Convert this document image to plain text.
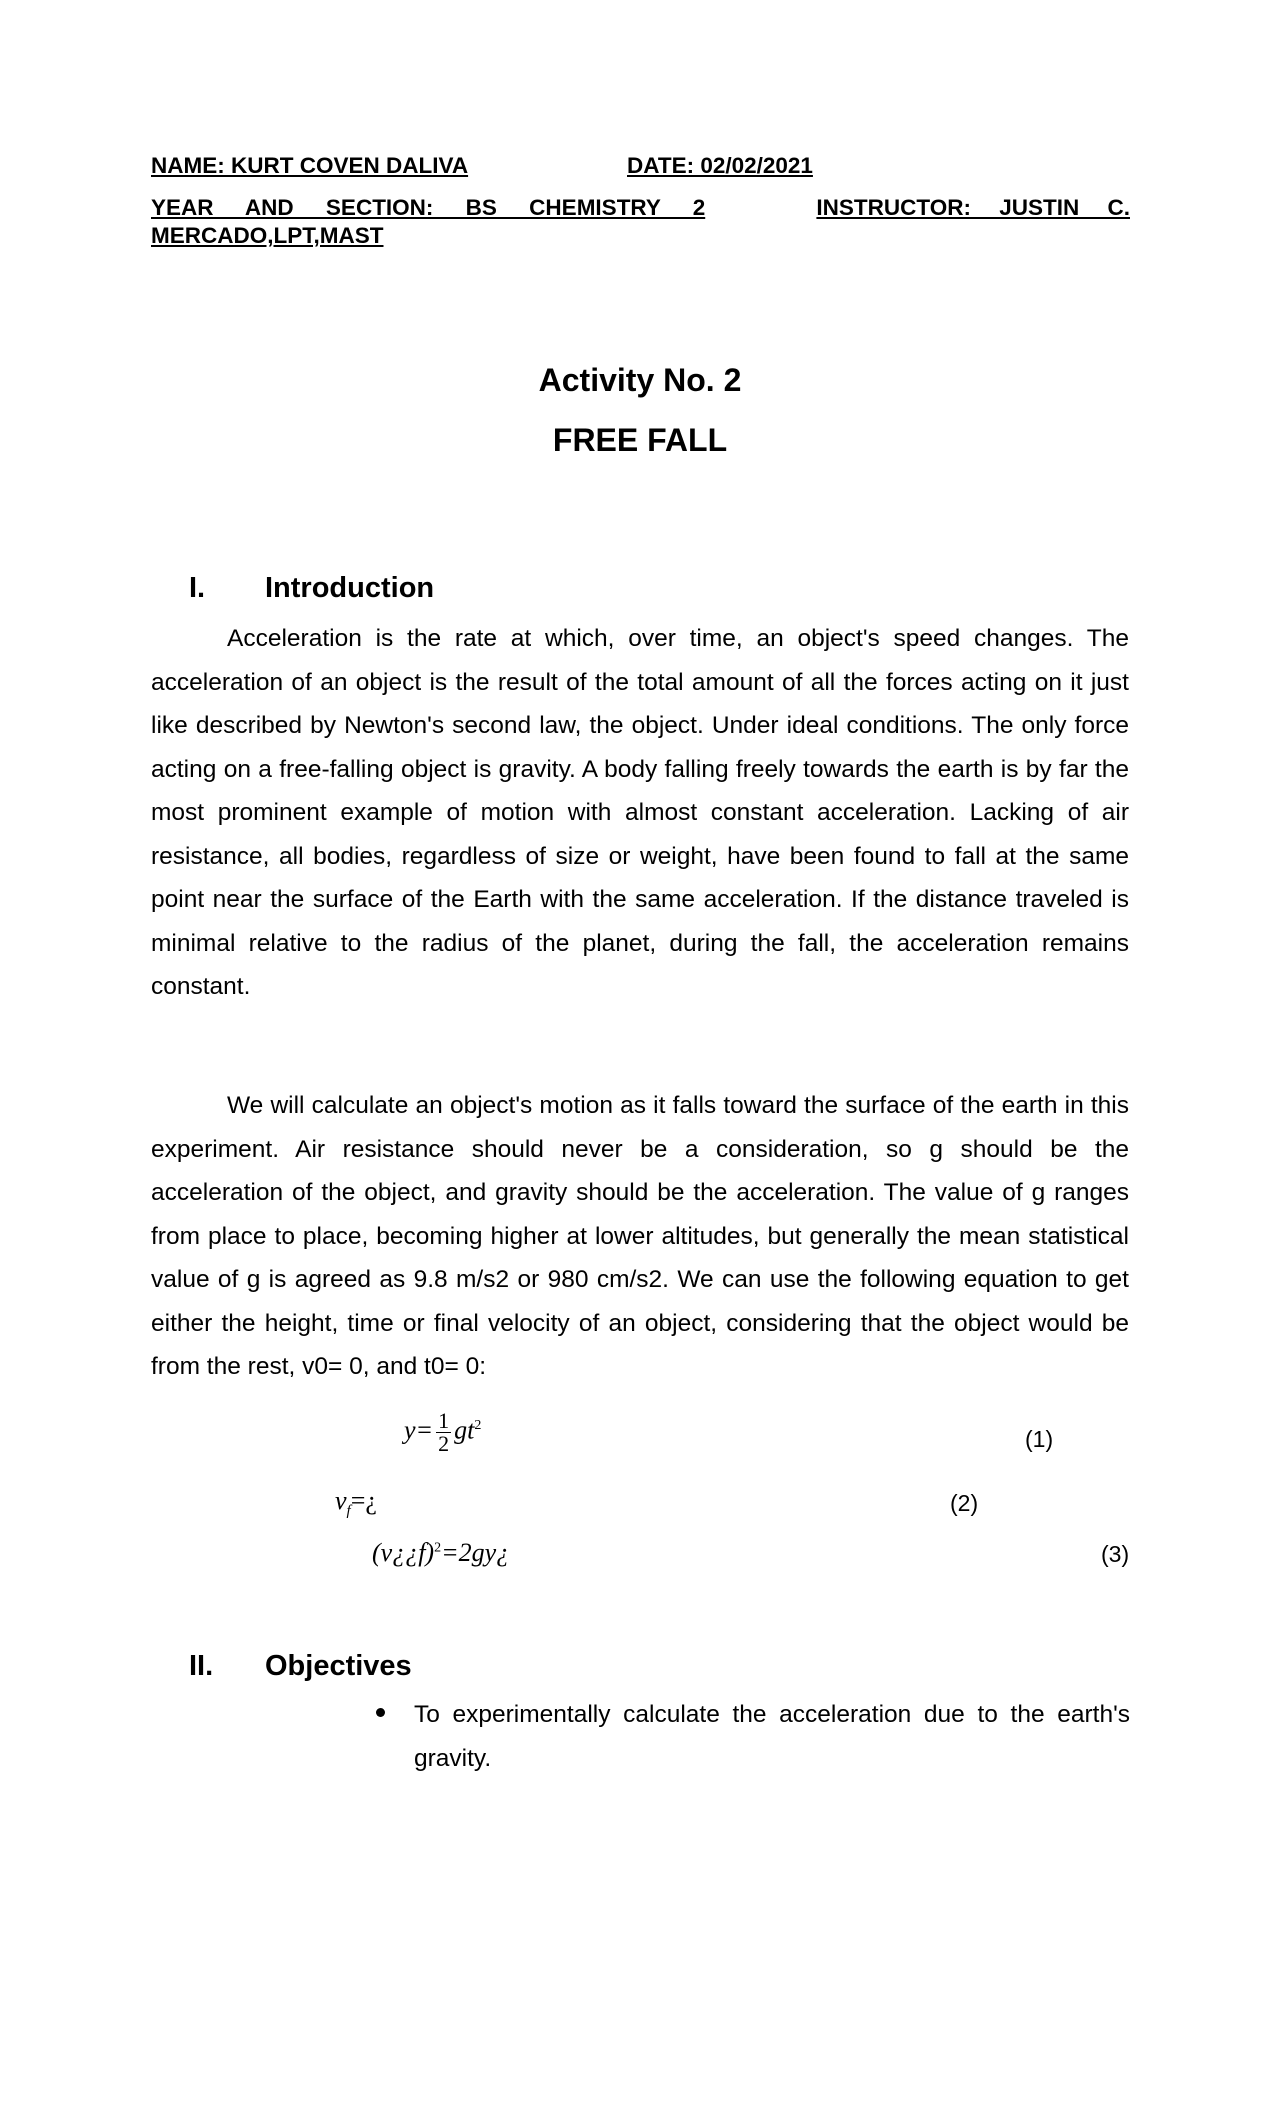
NAME: KURT COVEN DALIVA	DATE: 02/02/2021
YEAR AND SECTION: BS CHEMISTRY 2	INSTRUCTOR: JUSTIN C.
MERCADO,LPT,MAST
Activity No. 2
FREE FALL
I. Introduction

Acceleration is the rate at which, over time, an object's speed changes. The acceleration of an object is the result of the total amount of all the forces acting on it just like described by Newton's second law, the object. Under ideal conditions. The only force acting on a free-falling object is gravity. A body falling freely towards the earth is by far the most prominent example of motion with almost constant acceleration. Lacking of air resistance, all bodies, regardless of size or weight, have been found to fall at the same point near the surface of the Earth with the same acceleration. If the distance traveled is minimal relative to the radius of the planet, during the fall, the acceleration remains constant.

We will calculate an object's motion as it falls toward the surface of the earth in this experiment. Air resistance should never be a consideration, so g should be the acceleration of the object, and gravity should be the acceleration. The value of g ranges from place to place, becoming higher at lower altitudes, but generally the mean statistical value of g is agreed as 9.8 m/s2 or 980 cm/s2. We can use the following equation to get either the height, time or final velocity of an object, considering that the object would be from the rest, v0= 0, and t0= 0:

$y= \frac{1}{2} gt^2$
(1)
$v_f=¿$	(2)
(v¿¿f)$^2$=2gy¿	(3)
II. Objectives
To experimentally calculate the acceleration due to the earth's gravity.
